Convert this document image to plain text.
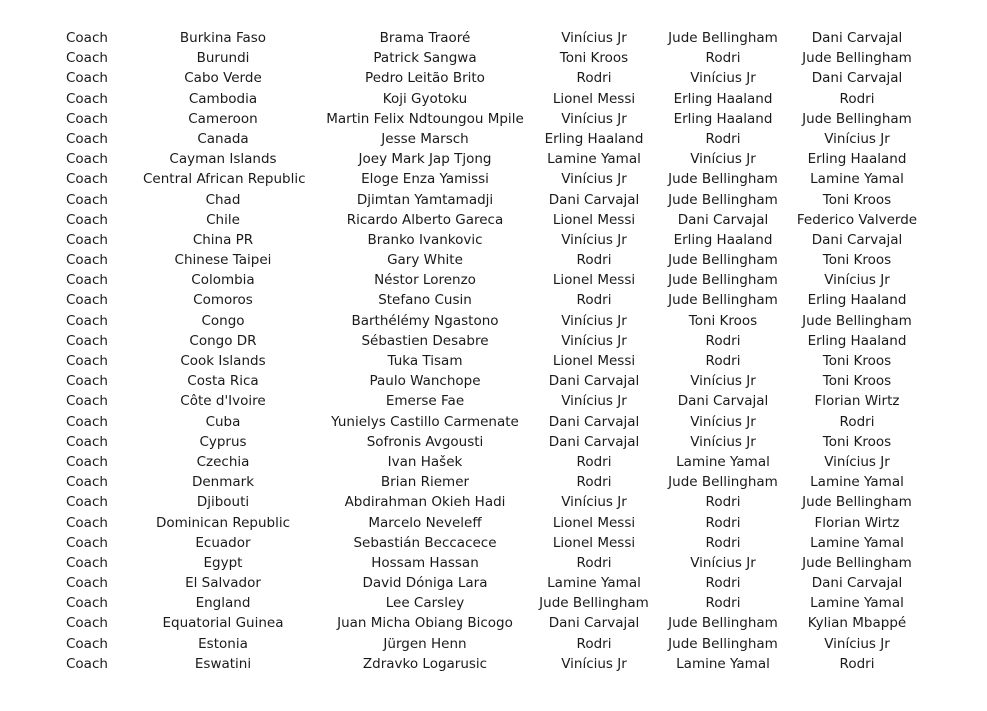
Coach	Burkina Faso	Brama Traoré	Vinícius Jr	Jude Bellingham	Dani Carvajal
Coach	Burundi	Patrick Sangwa	Toni Kroos	Rodri	Jude Bellingham
Coach	Cabo Verde	Pedro Leitão Brito	Rodri	Vinícius Jr	Dani Carvajal
Coach	Cambodia	Koji Gyotoku	Lionel Messi	Erling Haaland	Rodri
Coach	Cameroon	Martin Felix Ndtoungou Mpile	Vinícius Jr	Erling Haaland	Jude Bellingham
Coach	Canada	Jesse Marsch	Erling Haaland	Rodri	Vinícius Jr
Coach	Cayman Islands	Joey Mark Jap Tjong	Lamine Yamal	Vinícius Jr	Erling Haaland
Coach	Central African Republic	Eloge Enza Yamissi	Vinícius Jr	Jude Bellingham	Lamine Yamal
Coach	Chad	Djimtan Yamtamadji	Dani Carvajal	Jude Bellingham	Toni Kroos
Coach	Chile	Ricardo Alberto Gareca	Lionel Messi	Dani Carvajal	Federico Valverde
Coach	China PR	Branko Ivankovic	Vinícius Jr	Erling Haaland	Dani Carvajal
Coach	Chinese Taipei	Gary White	Rodri	Jude Bellingham	Toni Kroos
Coach	Colombia	Néstor Lorenzo	Lionel Messi	Jude Bellingham	Vinícius Jr
Coach	Comoros	Stefano Cusin	Rodri	Jude Bellingham	Erling Haaland
Coach	Congo	Barthélémy Ngastono	Vinícius Jr	Toni Kroos	Jude Bellingham
Coach	Congo DR	Sébastien Desabre	Vinícius Jr	Rodri	Erling Haaland
Coach	Cook Islands	Tuka Tisam	Lionel Messi	Rodri	Toni Kroos
Coach	Costa Rica	Paulo Wanchope	Dani Carvajal	Vinícius Jr	Toni Kroos
Coach	Côte d'Ivoire	Emerse Fae	Vinícius Jr	Dani Carvajal	Florian Wirtz
Coach	Cuba	Yunielys Castillo Carmenate	Dani Carvajal	Vinícius Jr	Rodri
Coach	Cyprus	Sofronis Avgousti	Dani Carvajal	Vinícius Jr	Toni Kroos
Coach	Czechia	Ivan Hašek	Rodri	Lamine Yamal	Vinícius Jr
Coach	Denmark	Brian Riemer	Rodri	Jude Bellingham	Lamine Yamal
Coach	Djibouti	Abdirahman Okieh Hadi	Vinícius Jr	Rodri	Jude Bellingham
Coach	Dominican Republic	Marcelo Neveleff	Lionel Messi	Rodri	Florian Wirtz
Coach	Ecuador	Sebastián Beccacece	Lionel Messi	Rodri	Lamine Yamal
Coach	Egypt	Hossam Hassan	Rodri	Vinícius Jr	Jude Bellingham
Coach	El Salvador	David Dóniga Lara	Lamine Yamal	Rodri	Dani Carvajal
Coach	England	Lee Carsley	Jude Bellingham	Rodri	Lamine Yamal
Coach	Equatorial Guinea	Juan Micha Obiang Bicogo	Dani Carvajal	Jude Bellingham	Kylian Mbappé
Coach	Estonia	Jürgen Henn	Rodri	Jude Bellingham	Vinícius Jr
Coach	Eswatini	Zdravko Logarusic	Vinícius Jr	Lamine Yamal	Rodri
